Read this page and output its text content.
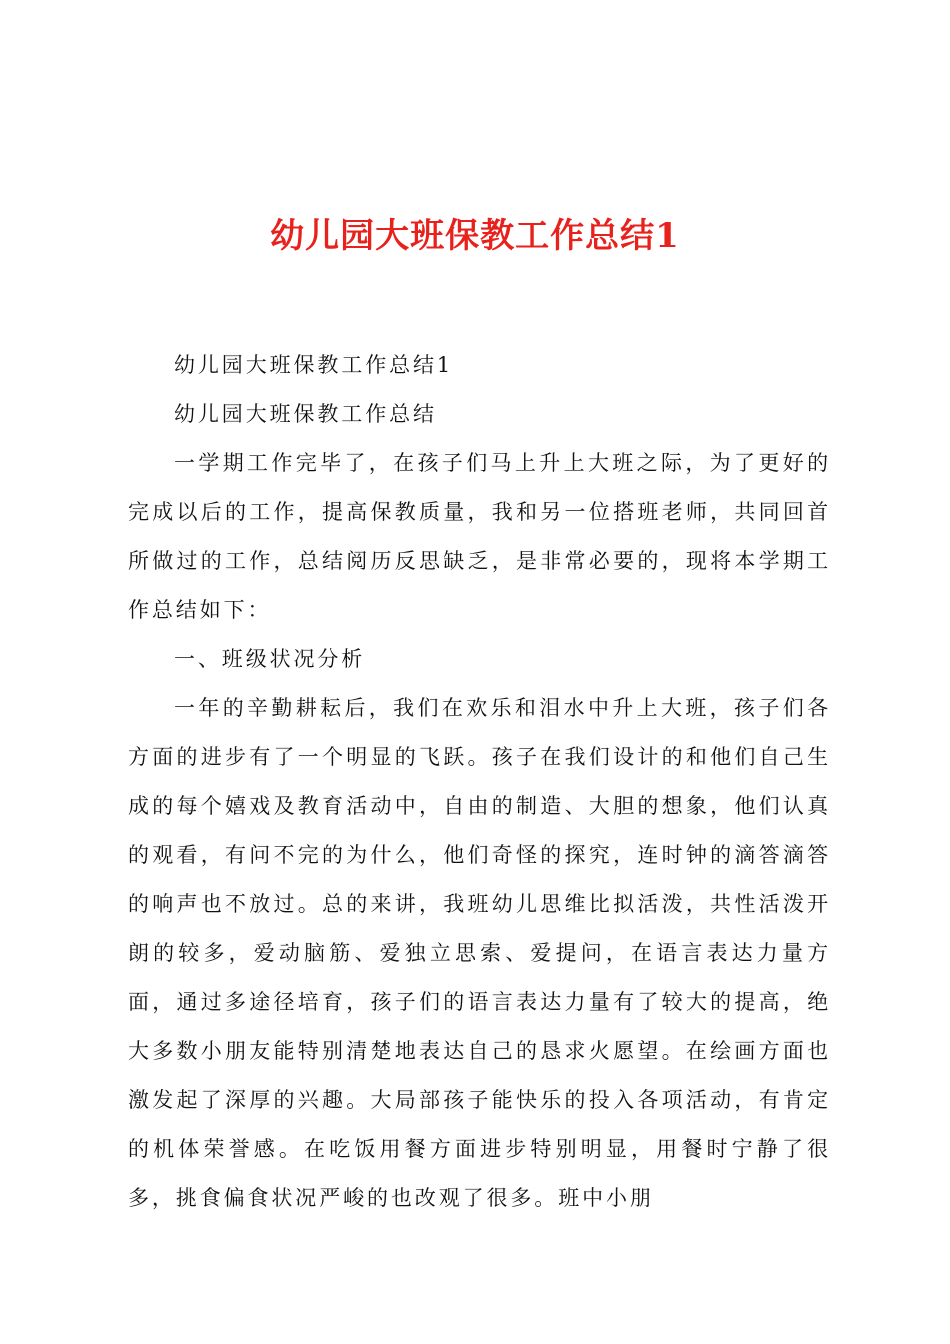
幼儿园大班保教工作总结1

幼儿园大班保教工作总结1

幼儿园大班保教工作总结

一学期工作完毕了，在孩子们马上升上大班之际，为了更好的完成以后的工作，提高保教质量，我和另一位搭班老师，共同回首所做过的工作，总结阅历反思缺乏，是非常必要的，现将本学期工作总结如下：

一、班级状况分析

一年的辛勤耕耘后，我们在欢乐和泪水中升上大班，孩子们各方面的进步有了一个明显的飞跃。孩子在我们设计的和他们自己生成的每个嬉戏及教育活动中，自由的制造、大胆的想象，他们认真的观看，有问不完的为什么，他们奇怪的探究，连时钟的滴答滴答的响声也不放过。总的来讲，我班幼儿思维比拟活泼，共性活泼开朗的较多，爱动脑筋、爱独立思索、爱提问，在语言表达力量方面，通过多途径培育，孩子们的语言表达力量有了较大的提高，绝大多数小朋友能特别清楚地表达自己的恳求火愿望。在绘画方面也激发起了深厚的兴趣。大局部孩子能快乐的投入各项活动，有肯定的机体荣誉感。在吃饭用餐方面进步特别明显，用餐时宁静了很多，挑食偏食状况严峻的也改观了很多。班中小朋
